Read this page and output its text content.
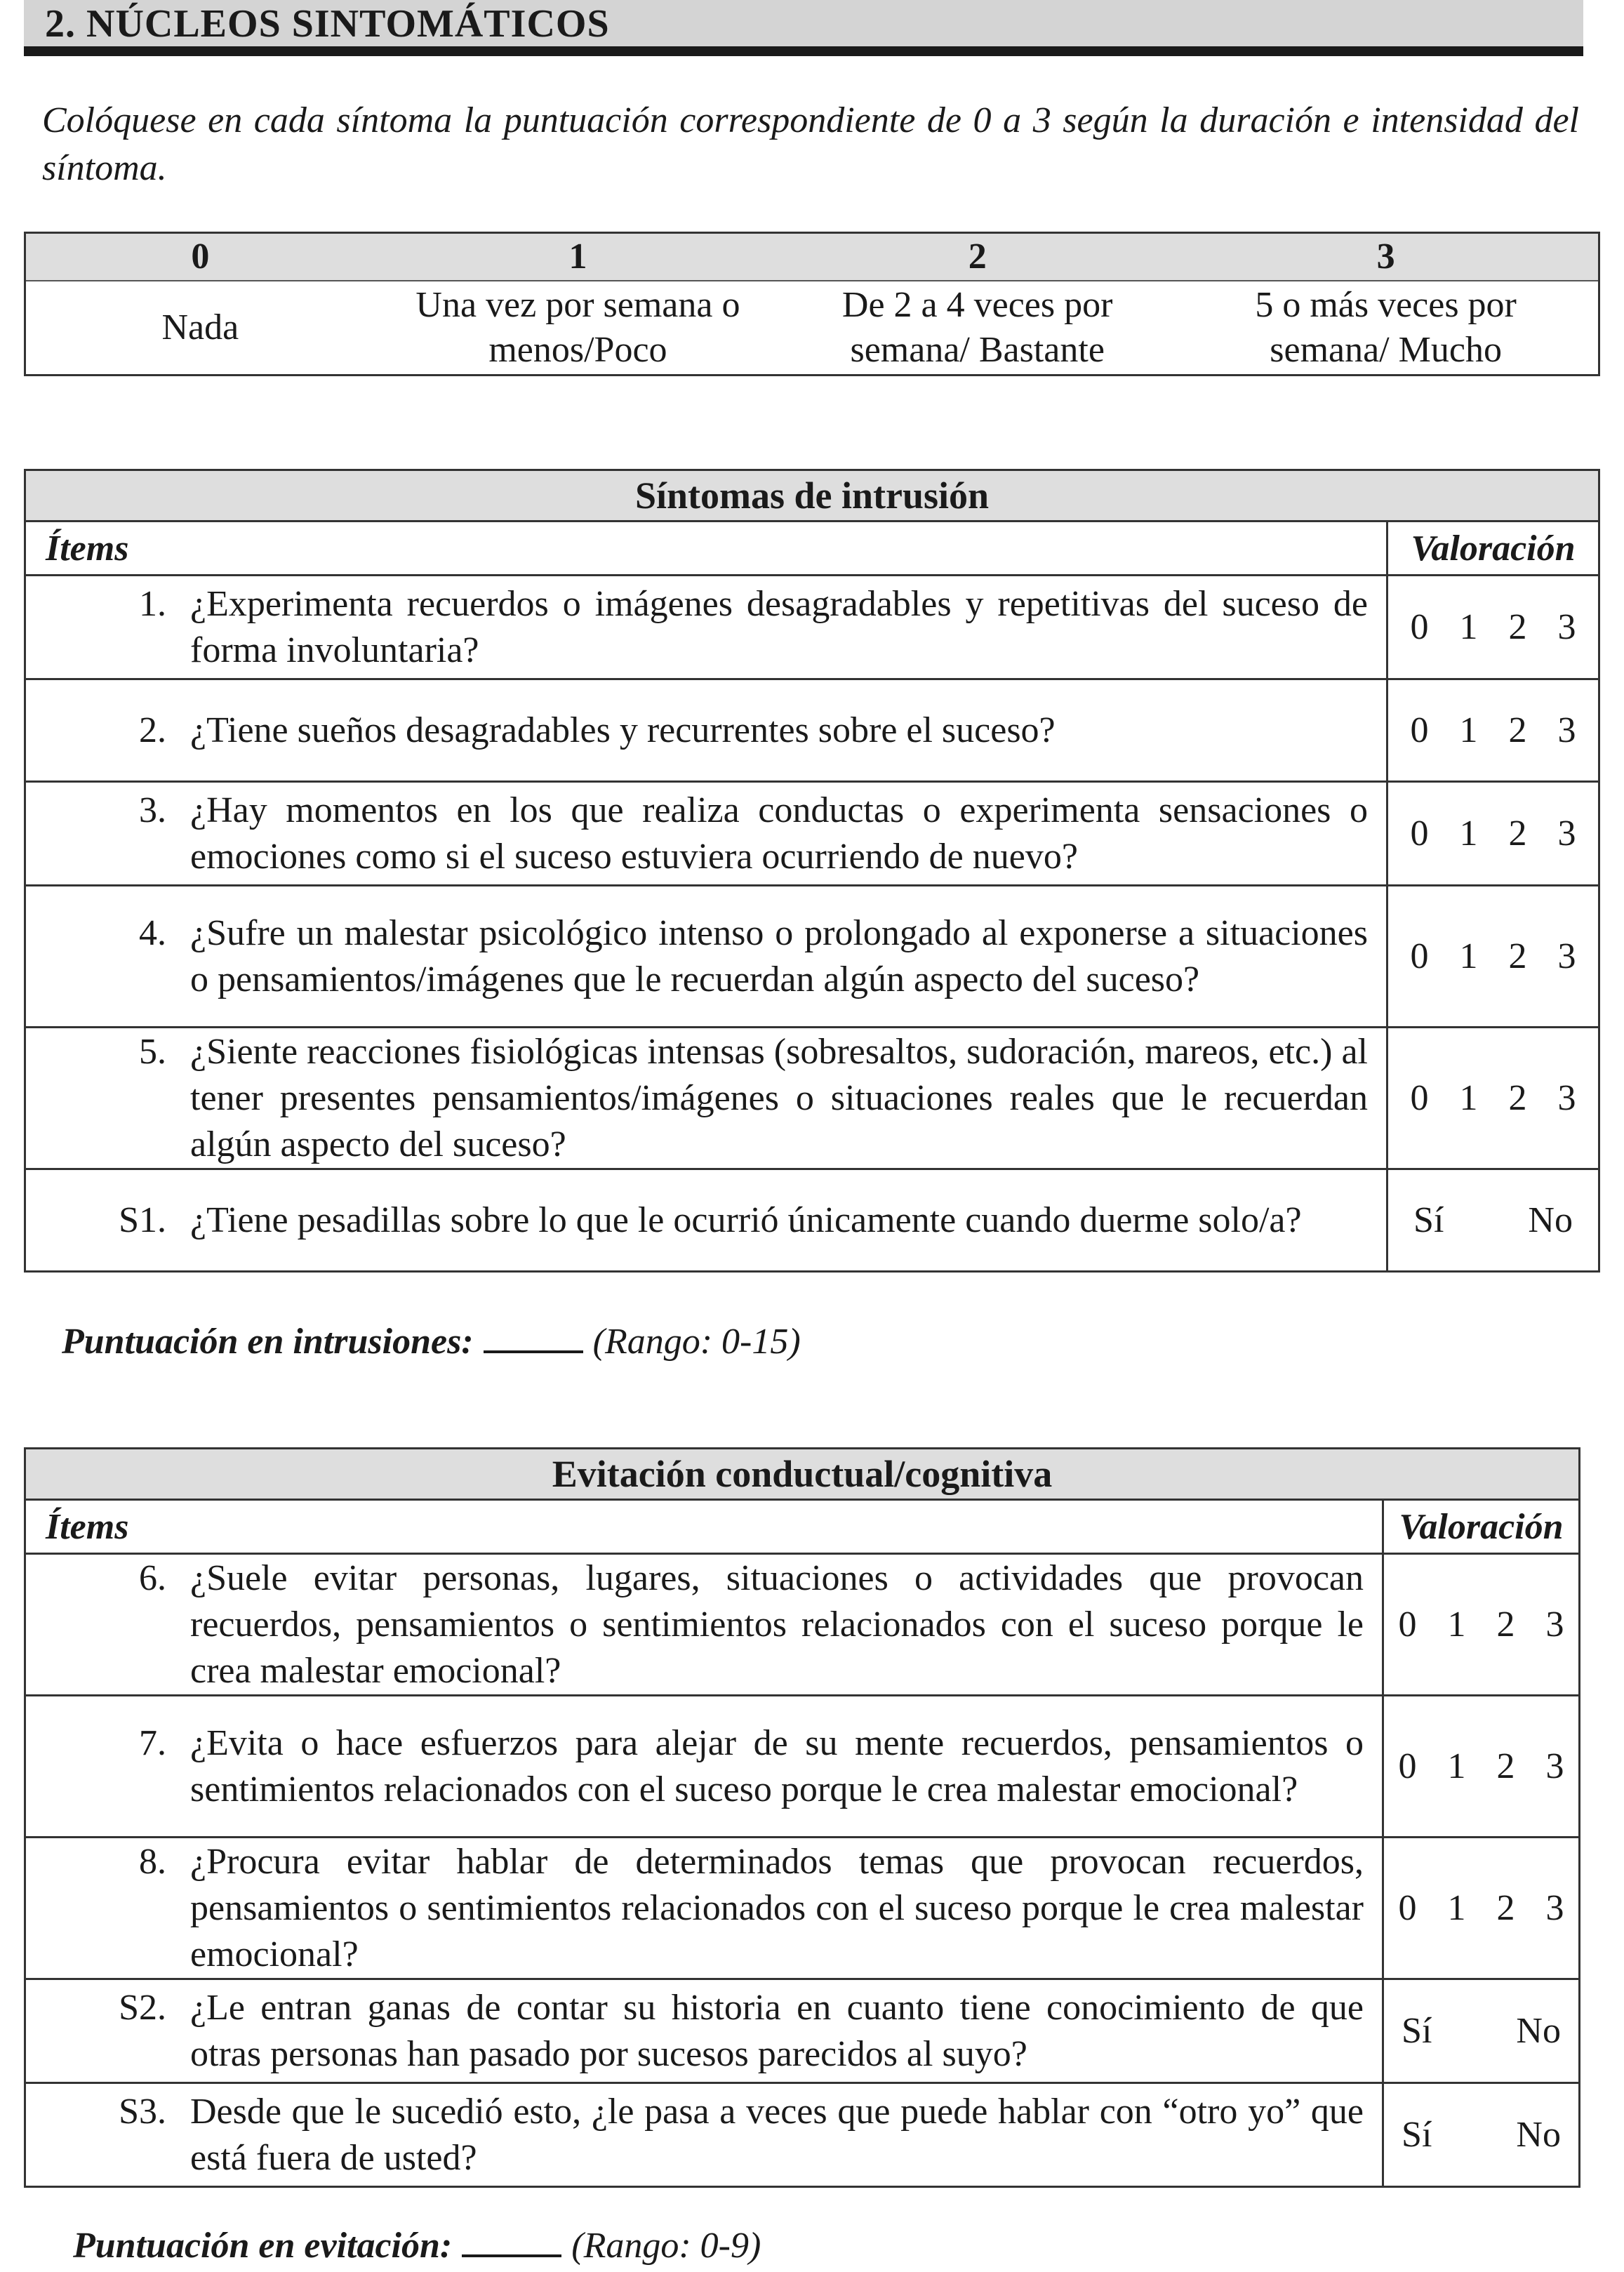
2. NÚCLEOS SINTOMÁTICOS
Colóquese en cada síntoma la puntuación correspondiente de 0 a 3 según la duración e intensidad del síntoma.
0	1	2	3

Nada	Una vez por semana o menos/Poco	De 2 a 4 veces por semana/ Bastante	5 o más veces por semana/ Mucho
Síntomas de intrusión	
Ítems	Valoración

1. ¿Experimenta recuerdos o imágenes desagradables y repetitivas del suceso de forma involuntaria?	0 1 2 3

2. ¿Tiene sueños desagradables y recurrentes sobre el suceso?	0 1 2 3

3. ¿Hay momentos en los que realiza conductas o experimenta sensaciones o emociones como si el suceso estuviera ocurriendo de nuevo?	0 1 2 3

4. ¿Sufre un malestar psicológico intenso o prolongado al exponerse a situaciones o pensamientos/imágenes que le recuerdan algún aspecto del suceso?	0 1 2 3

5. ¿Siente reacciones fisiológicas intensas (sobresaltos, sudoración, mareos, etc.) al tener presentes pensamientos/imágenes o situaciones reales que le recuerdan algún aspecto del suceso?	0 1 2 3

S1. ¿Tiene pesadillas sobre lo que le ocurrió únicamente cuando duerme solo/a?	Sí No
Puntuación en intrusiones:	(Rango: 0-15)
Evitación conductual/cognitiva	
Ítems	Valoración

6. ¿Suele evitar personas, lugares, situaciones o actividades que provocan recuerdos, pensamientos o sentimientos relacionados con el suceso porque le crea malestar emocional?	0 1 2 3

7. ¿Evita o hace esfuerzos para alejar de su mente recuerdos, pensamientos o sentimientos relacionados con el suceso porque le crea malestar emocional?	0 1 2 3

8. ¿Procura evitar hablar de determinados temas que provocan recuerdos, pensamientos o sentimientos relacionados con el suceso porque le crea malestar emocional?	0 1 2 3

S2. ¿Le entran ganas de contar su historia en cuanto tiene conocimiento de que otras personas han pasado por sucesos parecidos al suyo?	Sí No

S3. Desde que le sucedió esto, ¿le pasa a veces que puede hablar con “otro yo” que está fuera de usted?	Sí No
Puntuación en evitación:	(Rango: 0-9)
